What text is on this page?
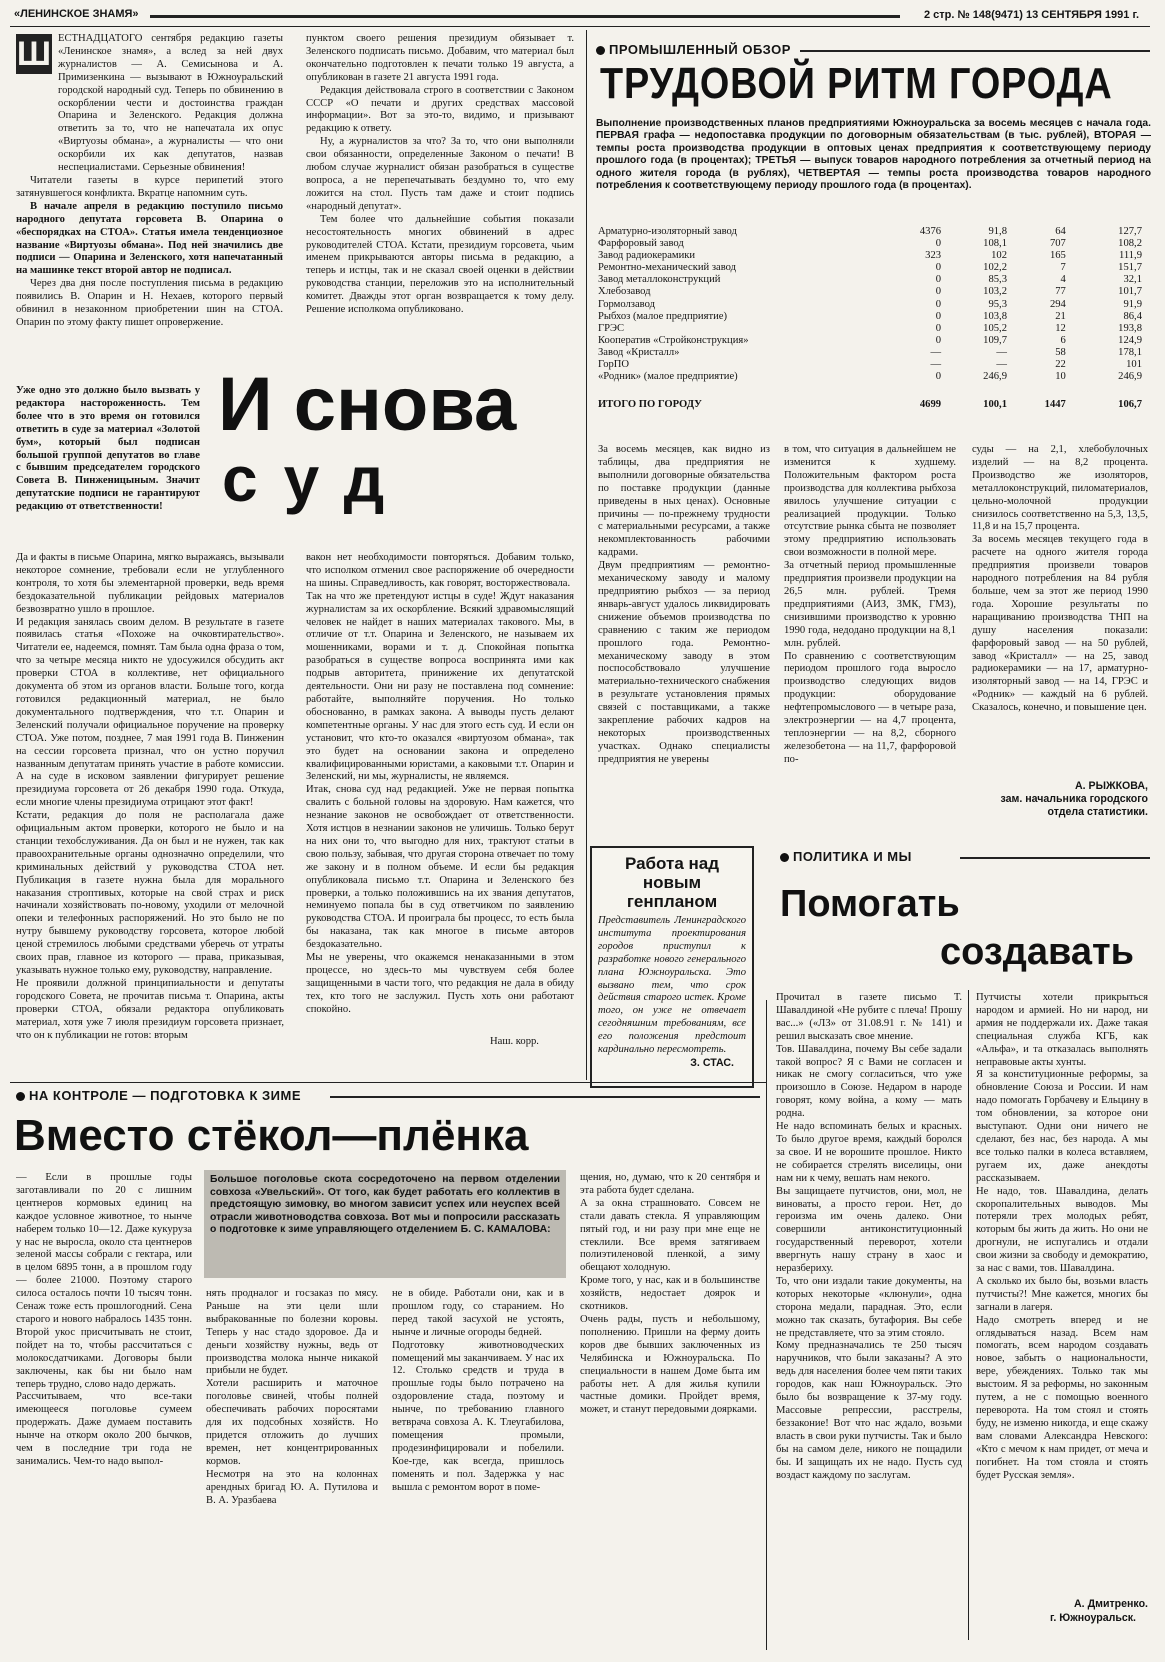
«ЛЕНИНСКОЕ ЗНАМЯ»	2 стр. № 148(9471) 13 СЕНТЯБРЯ 1991 г.
Ш ЕСТНАДЦАТОГО сентября редакцию газеты «Ленинское знамя», а вслед за ней двух журналистов — А. Семисынова и А. Примизенкина — вызывают в Южноуральский городской народный суд. Теперь по обвинению в оскорблении чести и достоинства граждан Опарина и Зеленского. Редакция должна ответить за то, что не напечатала их опус «Виртуозы обмана», а журналисты — что они оскорбили их как депутатов, назвав неспециалистами. Серьезные обвинения!

Читатели газеты в курсе перипетий этого затянувшегося конфликта. Вкратце напомним суть.

В начале апреля в редакцию поступило письмо народного депутата горсовета В. Опарина о «беспорядках на СТОА». Статья имела тенденциозное название «Виртуозы обмана». Под ней значились две подписи — Опарина и Зеленского, хотя напечатанный на машинке текст второй автор не подписал.

Через два дня после поступления письма в редакцию появились В. Опарин и Н. Нехаев, которого первый обвинил в незаконном приобретении шин на СТОА. Опарин по этому факту пишет опровержение.

Уже одно это должно было вызвать у редактора настороженность. Тем более что в это время он готовился ответить в суде за материал «Золотой бум», который был подписан большой группой депутатов во главе с бывшим председателем городского Совета В. Пинженицыным. Значит депутатские подписи не гарантируют редакцию от ответственности!
пунктом своего решения президиум обязывает т. Зеленского подписать письмо. Добавим, что материал был окончательно подготовлен к печати только 19 августа, а опубликован в газете 21 августа 1991 года.

Редакция действовала строго в соответствии с Законом СССР «О печати и других средствах массовой информации». Вот за это-то, видимо, и призывают редакцию к ответу.

Ну, а журналистов за что? За то, что они выполняли свои обязанности, определенные Законом о печати! В любом случае журналист обязан разобраться в существе вопроса, а не перепечатывать бездумно то, что ему ложится на стол. Пусть там даже и стоит подпись «народный депутат».

Тем более что дальнейшие события показали несостоятельность многих обвинений в адрес руководителей СТОА. Кстати, президиум горсовета, чьим именем прикрываются авторы письма в редакцию, а теперь и истцы, так и не сказал своей оценки в действии руководства станции, переложив это на исполнительный комитет. Дважды этот орган возвращается к тому делу. Решение исполкома опубликовано.

И снова
суд
Да и факты в письме Опарина, мягко выражаясь, вызывали некоторое сомнение, требовали если не углубленного контроля, то хотя бы элементарной проверки, ведь время бездоказательной публикации рейдовых материалов безвозвратно ушло в прошлое.
И редакция занялась своим делом. В результате в газете появилась статья «Похоже на очковтирательство». Читатели ее, надеемся, помнят. Там была одна фраза о том, что за четыре месяца никто не удосужился обсудить акт проверки СТОА в коллективе, нет официального документа об этом из органов власти. Больше того, когда готовился редакционный материал, не было документального подтверждения, что т.т. Опарин и Зеленский получали официальное поручение на проверку СТОА. Уже потом, позднее, 7 мая 1991 года В. Пинженин на сессии горсовета признал, что он устно поручил названным депутатам принять участие в работе комиссии. А на суде в исковом заявлении фигурирует решение президиума горсовета от 26 декабря 1990 года. Откуда, если многие члены президиума отрицают этот факт!
Кстати, редакция до поля не располагала даже официальным актом проверки, которого не было и на станции техобслуживания. Да он был и не нужен, так как правоохранительные органы однозначно определили, что криминальных действий у руководства СТОА нет. Публикация в газете нужна была для морального наказания строптивых, которые на свой страх и риск начинали хозяйствовать по-новому, уходили от мелочной опеки и телефонных распоряжений. Но это было не по нутру бывшему руководству горсовета, которое любой ценой стремилось любыми средствами уберечь от утраты своих прав, главное из которого — права, приказывая, указывать нужное только ему, руководству, направление.
Не проявили должной принципиальности и депутаты городского Совета, не прочитав письма т. Опарина, акты проверки СТОА, обязали редактора опубликовать материал, хотя уже 7 июля президиум горсовета признает, что он к публикации не готов: вторым
вакон нет необходимости повторяться. Добавим только, что исполком отменил свое распоряжение об очередности на шины. Справедливость, как говорят, восторжествовала.
Так на что же претендуют истцы в суде! Ждут наказания журналистам за их оскорбление. Всякий здравомыслящий человек не найдет в наших материалах такового. Мы, в отличие от т.т. Опарина и Зеленского, не называем их мошенниками, ворами и т. д. Спокойная попытка разобраться в существе вопроса воспринята ими как подрыв авторитета, принижение их депутатской деятельности. Они ни разу не поставлена под сомнение: работайте, выполняйте поручения. Но только обоснованно, в рамках закона. А выводы пусть делают компетентные органы. У нас для этого есть суд. И если он установит, что кто-то оказался «виртуозом обмана», так это будет на основании закона и определено квалифицированными юристами, а каковыми т.т. Опарин и Зеленский, ни мы, журналисты, не являемся.
Итак, снова суд над редакцией. Уже не первая попытка свалить с больной головы на здоровую. Нам кажется, что незнание законов не освобождает от ответственности. Хотя истцов в незнании законов не уличишь. Только берут на них они то, что выгодно для них, трактуют статьи в свою пользу, забывая, что другая сторона отвечает по тому же закону и в полном объеме. И если бы редакция опубликовала письмо т.т. Опарина и Зеленского без проверки, а только положившись на их звания депутатов, неминуемо попала бы в суд ответчиком по заявлению руководства СТОА. И проиграла бы процесс, то есть была бы наказана, так как многое в письме авторов бездоказательно.
Мы не уверены, что окажемся ненаказанными в этом процессе, но здесь-то мы чувствуем себя более защищенными в части того, что редакция не дала в обиду тех, кто того не заслужил. Пусть хоть они работают спокойно.
Наш. корр.
ПРОМЫШЛЕННЫЙ ОБЗОР
ТРУДОВОЙ РИТМ ГОРОДА
Выполнение производственных планов предприятиями Южноуральска за восемь месяцев с начала года. ПЕРВАЯ графа — недопоставка продукции по договорным обязательствам (в тыс. рублей), ВТОРАЯ — темпы роста производства продукции в оптовых ценах предприятия к соответствующему периоду прошлого года (в процентах); ТРЕТЬЯ — выпуск товаров народного потребления за отчетный период на одного жителя города (в рублях), ЧЕТВЕРТАЯ — темпы роста производства товаров народного потребления к соответствующему периоду прошлого года (в процентах).
Арматурно-изоляторный завод	4376	91,8	64	127,7
Фарфоровый завод	0	108,1	707	108,2
Завод радиокерамики	323	102	165	111,9
Ремонтно-механический завод	0	102,2	7	151,7
Завод металлоконструкций	0	85,3	4	32,1
Хлебозавод	0	103,2	77	101,7
Гормолзавод	0	95,3	294	91,9
Рыбхоз (малое предприятие)	0	103,8	21	86,4
ГРЭС	0	105,2	12	193,8
Кооператив «Стройконструкция»	0	109,7	6	124,9
Завод «Кристалл»	—	—	58	178,1
ГорПО	—	—	22	101
«Родник» (малое предприятие)	0	246,9	10	246,9
ИТОГО ПО ГОРОДУ	4699	100,1	1447	106,7
За восемь месяцев, как видно из таблицы, два предприятия не выполнили договорные обязательства по поставке продукции (данные приведены в ных ценах). Основные причины — по-прежнему трудности с материальными ресурсами, а также некомплектованность рабочими кадрами.
Двум предприятиям — ремонтно-механическому заводу и малому предприятию рыбхоз — за период январь-август удалось ликвидировать снижение объемов производства по сравнению с таким же периодом прошлого года. Ремонтно-механическому заводу в этом поспособствовало улучшение материально-технического снабжения в результате установления прямых связей с поставщиками, а также закрепление рабочих кадров на некоторых производственных участках. Однако специалисты предприятия не уверены
в том, что ситуация в дальнейшем не изменится к худшему. Положительным фактором роста производства для коллектива рыбхоза явилось улучшение ситуации с реализацией продукции. Только отсутствие рынка сбыта не позволяет этому предприятию использовать свои возможности в полной мере.
За отчетный период промышленные предприятия произвели продукции на 26,5 млн. рублей. Тремя предприятиями (АИЗ, ЗМК, ГМЗ), снизившими производство к уровню 1990 года, недодано продукции на 8,1 млн. рублей.
По сравнению с соответствующим периодом прошлого года выросло производство следующих видов продукции: оборудование нефтепромыслового — в четыре раза, электроэнергии — на 4,7 процента, теплоэнергии — на 8,2, сборного железобетона — на 11,7, фарфоровой по-
суды — на 2,1, хлебобулочных изделий — на 8,2 процента. Производство же изоляторов, металлоконструкций, пиломатериалов, цельно-молочной продукции снизилось соответственно на 5,3, 13,5, 11,8 и на 15,7 процента.
За восемь месяцев текущего года в расчете на одного жителя города предприятия произвели товаров народного потребления на 84 рубля больше, чем за этот же период 1990 года. Хорошие результаты по наращиванию производства ТНП на душу населения показали: фарфоровый завод — на 50 рублей, завод «Кристалл» — на 25, завод радиокерамики — на 17, арматурно-изоляторный завод — на 14, ГРЭС и «Родник» — каждый на 6 рублей. Сказалось, конечно, и повышение цен.
А. РЫЖКОВА,
зам. начальника городского отдела статистики.
Работа над новым генпланом
Представитель Ленинградского института проектирования городов приступил к разработке нового генерального плана Южноуральска. Это вызвано тем, что срок действия старого истек. Кроме того, он уже не отвечает сегодняшним требованиям, все его положения предстоит кардинально пересмотреть.

З. СТАС.
ПОЛИТИКА И МЫ
Помогать
создавать
Прочитал в газете письмо Т. Шавалдиной «Не рубите с плеча! Прошу вас...» («ЛЗ» от 31.08.91 г. № 141) и решил высказать свое мнение.
Тов. Шавалдина, почему Вы себе задали такой вопрос? Я с Вами не согласен и никак не смогу согласиться, что уже произошло в Союзе. Недаром в народе говорят, кому война, а кому — мать родна.
Не надо вспоминать белых и красных. То было другое время, каждый боролся за свое. И не ворошите прошлое. Никто не собирается стрелять виселицы, они нам ни к чему, вешать нам некого.
Вы защищаете путчистов, они, мол, не виноваты, а просто герои. Нет, до героизма им очень далеко. Они совершили антиконституционный государственный переворот, хотели ввергнуть нашу страну в хаос и неразбериху.
То, что они издали такие документы, на которых некоторые «клюнули», одна сторона медали, парадная. Это, если можно так сказать, бутафория. Вы себе не представляете, что за этим стояло.
Кому предназначались те 250 тысяч наручников, что были заказаны? А это ведь для населения более чем пяти таких городов, как наш Южноуральск. Это было бы возвращение к 37-му году. Массовые репрессии, расстрелы, беззаконие! Вот что нас ждало, возьми власть в свои руки путчисты. Так и было бы на самом деле, никого не пощадили бы. И защищать их не надо. Пусть суд воздаст каждому по заслугам.
Путчисты хотели прикрыться народом и армией. Но ни народ, ни армия не поддержали их. Даже такая специальная служба КГБ, как «Альфа», и та отказалась выполнять неправовые акты хунты.
Я за конституционные реформы, за обновление Союза и России. И нам надо помогать Горбачеву и Ельцину в том обновлении, за которое они выступают. Одни они ничего не сделают, без нас, без народа. А мы все только палки в колеса вставляем, ругаем их, даже анекдоты рассказываем.
Не надо, тов. Шавалдина, делать скоропалительных выводов. Мы потеряли трех молодых ребят, которым бы жить да жить. Но они не дрогнули, не испугались и отдали свои жизни за свободу и демократию, за нас с вами, тов. Шавалдина.
А сколько их было бы, возьми власть путчисты?! Мне кажется, многих бы загнали в лагеря.
Надо смотреть вперед и не оглядываться назад. Всем нам помогать, всем народом создавать новое, забыть о национальности, вере, убеждениях. Только так мы выстоим. Я за реформы, но законным путем, а не с помощью военного переворота. На том стоял и стоять буду, не изменю никогда, и еще скажу вам словами Александра Невского: «Кто с мечом к нам придет, от меча и погибнет. На том стояла и стоять будет Русская земля».
А. Дмитренко.
г. Южноуральск.
НА КОНТРОЛЕ — ПОДГОТОВКА К ЗИМЕ
Вместо стёкол—плёнка
— Если в прошлые годы заготавливали по 20 с лишним центнеров кормовых единиц на каждое условное животное, то нынче наберем только 10—12. Даже кукуруза у нас не выросла, около ста центнеров зеленой массы собрали с гектара, или в целом 6895 тонн, а в прошлом году — более 21000. Поэтому старого силоса осталось почти 10 тысяч тонн. Сенаж тоже есть прошлогодний. Сена старого и нового набралось 1435 тонн. Второй укос присчитывать не стоит, пойдет на то, чтобы рассчитаться с молокосдатчиками. Договоры были заключены, как бы ни было нам теперь трудно, слово надо держать.
Рассчитываем, что все-таки имеющееся поголовье сумеем продержать. Даже думаем поставить нынче на откорм около 200 бычков, чем в последние три года не занимались. Чем-то надо выпол-
Большое поголовье скота сосредоточено на первом отделении совхоза «Увельский». От того, как будет работать его коллектив в предстоящую зимовку, во многом зависит успех или неуспех всей отрасли животноводства совхоза. Вот мы и попросили рассказать о подготовке к зиме управляющего отделением Б. С. КАМАЛОВА:
нять продналог и госзаказ по мясу. Раньше на эти цели шли выбракованные по болезни коровы. Теперь у нас стадо здоровое. Да и деньги хозяйству нужны, ведь от производства молока нынче никакой прибыли не будет.
Хотели расширить и маточное поголовье свиней, чтобы полней обеспечивать рабочих поросятами для их подсобных хозяйств. Но придется отложить до лучших времен, нет концентрированных кормов.
Несмотря на это на колоннах арендных бригад Ю. А. Путилова и В. А. Уразбаева
не в обиде. Работали они, как и в прошлом году, со старанием. Но перед такой засухой не устоять, нынче и личные огороды бедней.
Подготовку животноводческих помещений мы заканчиваем. У нас их 12. Столько средств и труда в прошлые годы было потрачено на оздоровление стада, поэтому и нынче, по требованию главного ветврача совхоза А. К. Тлеугабилова, помещения промыли, продезинфицировали и побелили. Кое-где, как всегда, пришлось поменять и пол. Задержка у нас вышла с ремонтом ворот в поме-
щения, но, думаю, что к 20 сентября и эта работа будет сделана.
А за окна страшновато. Совсем не стали давать стекла. Я управляющим пятый год, и ни разу при мне еще не стеклили. Все время затягиваем полиэтиленовой пленкой, а зиму обещают холодную.
Кроме того, у нас, как и в большинстве хозяйств, недостает доярок и скотников.
Очень рады, пусть и небольшому, пополнению. Пришли на ферму доить коров две бывших заключенных из Челябинска и Южноуральска. По специальности в нашем Доме быта им работы нет. А для жилья купили частные домики. Пройдет время, может, и станут передовыми доярками.
